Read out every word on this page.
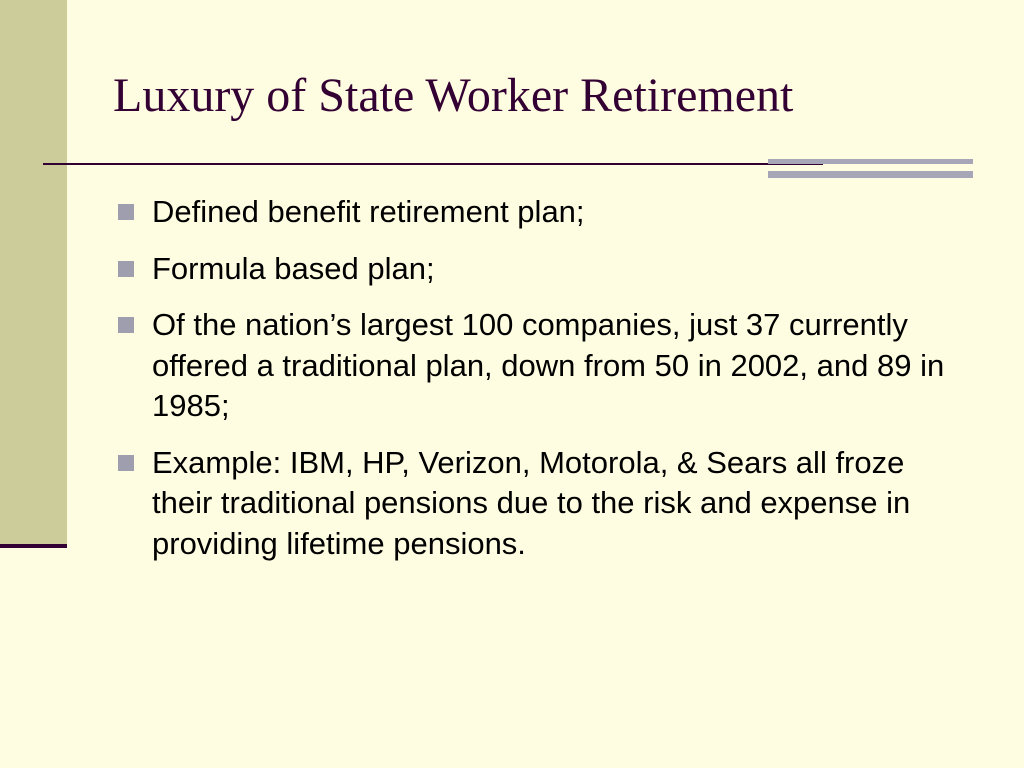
Luxury of State Worker Retirement
Defined benefit retirement plan;
Formula based plan;
Of the nation’s largest 100 companies, just 37 currently offered a traditional plan, down from 50 in 2002, and 89 in 1985;
Example: IBM, HP, Verizon, Motorola, & Sears all froze their traditional pensions due to the risk and expense in providing lifetime pensions.
